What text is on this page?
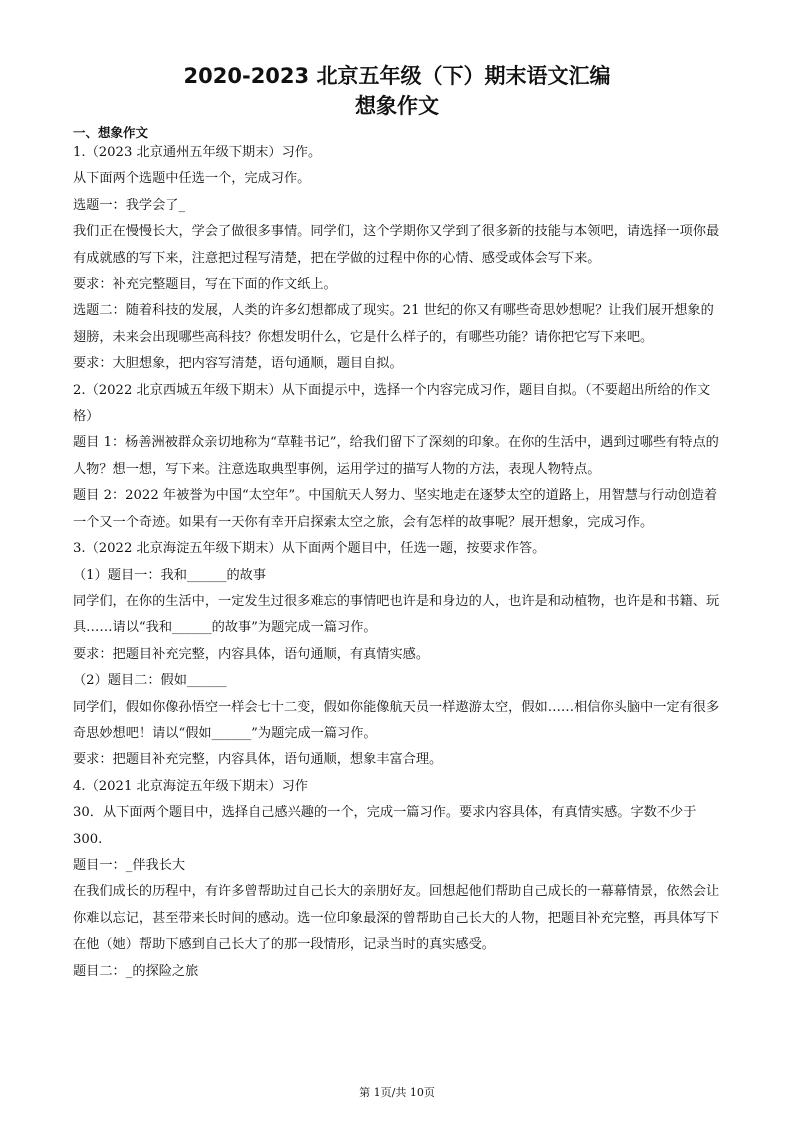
2020-2023 北京五年级（下）期末语文汇编
想象作文
一、想象作文

1.（2023 北京通州五年级下期末）习作。

从下面两个选题中任选一个，完成习作。

选题一：我学会了_

我们正在慢慢长大，学会了做很多事情。同学们，这个学期你又学到了很多新的技能与本领吧，请选择一项你最有成就感的写下来，注意把过程写清楚，把在学做的过程中你的心情、感受或体会写下来。

要求：补充完整题目，写在下面的作文纸上。

选题二：随着科技的发展，人类的许多幻想都成了现实。21 世纪的你又有哪些奇思妙想呢？让我们展开想象的翅膀，未来会出现哪些高科技？你想发明什么，它是什么样子的，有哪些功能？请你把它写下来吧。

要求：大胆想象，把内容写清楚，语句通顺，题目自拟。

2.（2022 北京西城五年级下期末）从下面提示中，选择一个内容完成习作，题目自拟。（不要超出所给的作文格）

题目 1：杨善洲被群众亲切地称为“草鞋书记”，给我们留下了深刻的印象。在你的生活中，遇到过哪些有特点的人物？想一想，写下来。注意选取典型事例，运用学过的描写人物的方法，表现人物特点。

题目 2：2022 年被誉为中国“太空年”。中国航天人努力、坚实地走在逐梦太空的道路上，用智慧与行动创造着一个又一个奇迹。如果有一天你有幸开启探索太空之旅，会有怎样的故事呢？展开想象，完成习作。

3.（2022 北京海淀五年级下期末）从下面两个题目中，任选一题，按要求作答。

（1）题目一：我和______的故事

同学们，在你的生活中，一定发生过很多难忘的事情吧也许是和身边的人，也许是和动植物，也许是和书籍、玩具……请以“我和______的故事”为题完成一篇习作。

要求：把题目补充完整，内容具体，语句通顺，有真情实感。

（2）题目二：假如______

同学们，假如你像孙悟空一样会七十二变，假如你能像航天员一样遨游太空，假如……相信你头脑中一定有很多奇思妙想吧！请以“假如______”为题完成一篇习作。

要求：把题目补充完整，内容具体，语句通顺，想象丰富合理。

4.（2021 北京海淀五年级下期末）习作

30．从下面两个题目中，选择自己感兴趣的一个，完成一篇习作。要求内容具体，有真情实感。字数不少于 300.

题目一：_伴我长大

在我们成长的历程中，有许多曾帮助过自己长大的亲朋好友。回想起他们帮助自己成长的一幕幕情景，依然会让你难以忘记，甚至带来长时间的感动。选一位印象最深的曾帮助自己长大的人物，把题目补充完整，再具体写下在他（她）帮助下感到自己长大了的那一段情形，记录当时的真实感受。

题目二：_的探险之旅

第 1页/共 10页
